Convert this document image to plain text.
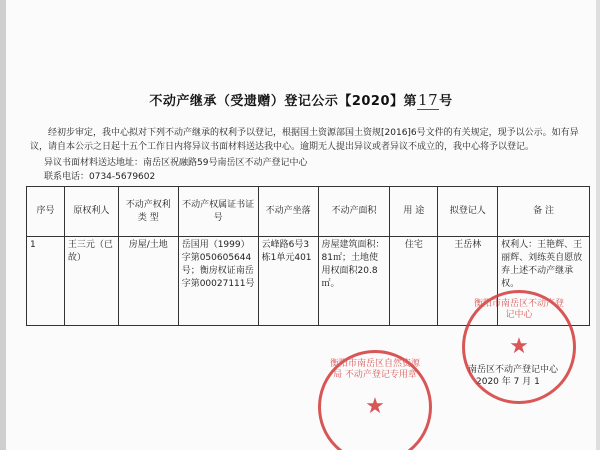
不动产继承（受遗赠）登记公示【2020】第17号
经初步审定，我中心拟对下列不动产继承的权利予以登记，根据国土资源部国土资规[2016]6号文件的有关规定，现予以公示。如有异议，请自本公示之日起十五个工作日内将异议书面材料送达我中心。逾期无人提出异议或者异议不成立的，我中心将予以登记。
异议书面材料送达地址：南岳区祝融路59号南岳区不动产登记中心
联系电话：0734-5679602
序号	原权利人	不动产权利类 型	不动产权属证书证 号	不动产坐落	不动产面积	用 途	拟登记人	备 注
1	王三元（已故）	房屋/土地	岳国用（1999）字第050605644号；衡房权证南岳字第00027111号	云峰路6号3栋1单元401	房屋建筑面积：81㎡；土地使用权面积20.8㎡。	住宅	王岳林	权利人：王艳辉、王丽辉、刘练英自愿放弃上述不动产继承权。
南岳区不动产登记中心
2020 年 7 月 1
衡阳市南岳区不动产登记中心
★
衡阳市南岳区自然资源局 不动产登记专用章
★
